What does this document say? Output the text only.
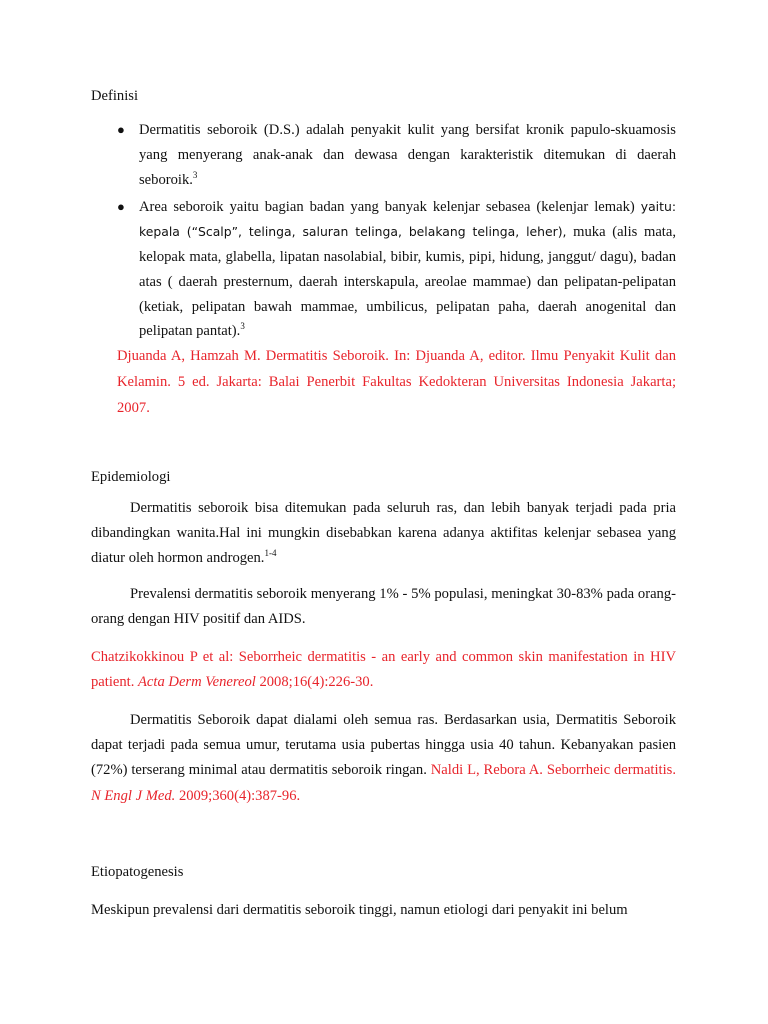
Definisi
● Dermatitis seboroik (D.S.) adalah penyakit kulit yang bersifat kronik papulo-skuamosis yang menyerang anak-anak dan dewasa dengan karakteristik ditemukan di daerah seboroik.$^3$
● Area seboroik yaitu bagian badan yang banyak kelenjar sebasea (kelenjar lemak) yaitu: kepala (“Scalp”, telinga, saluran telinga, belakang telinga, leher), muka (alis mata, kelopak mata, glabella, lipatan nasolabial, bibir, kumis, pipi, hidung, janggut/ dagu), badan atas ( daerah presternum, daerah interskapula, areolae mammae) dan pelipatan-pelipatan (ketiak, pelipatan bawah mammae, umbilicus, pelipatan paha, daerah anogenital dan pelipatan pantat).$^3$
Djuanda A, Hamzah M. Dermatitis Seboroik. In: Djuanda A, editor. Ilmu Penyakit Kulit dan Kelamin. 5 ed. Jakarta: Balai Penerbit Fakultas Kedokteran Universitas Indonesia Jakarta; 2007.
Epidemiologi
Dermatitis seboroik bisa ditemukan pada seluruh ras, dan lebih banyak terjadi pada pria dibandingkan wanita.Hal ini mungkin disebabkan karena adanya aktifitas kelenjar sebasea yang diatur oleh hormon androgen.$^{1-4}$
Prevalensi dermatitis seboroik menyerang 1% - 5% populasi, meningkat 30-83% pada orang-orang dengan HIV positif dan AIDS.
Chatzikokkinou P et al: Seborrheic dermatitis - an early and common skin manifestation in HIV patient. Acta Derm Venereol 2008;16(4):226-30.
Dermatitis Seboroik dapat dialami oleh semua ras. Berdasarkan usia, Dermatitis Seboroik dapat terjadi pada semua umur, terutama usia pubertas hingga usia 40 tahun. Kebanyakan pasien (72%) terserang minimal atau dermatitis seboroik ringan. Naldi L, Rebora A. Seborrheic dermatitis. N Engl J Med. 2009;360(4):387-96.
Etiopatogenesis
Meskipun prevalensi dari dermatitis seboroik tinggi, namun etiologi dari penyakit ini belum
